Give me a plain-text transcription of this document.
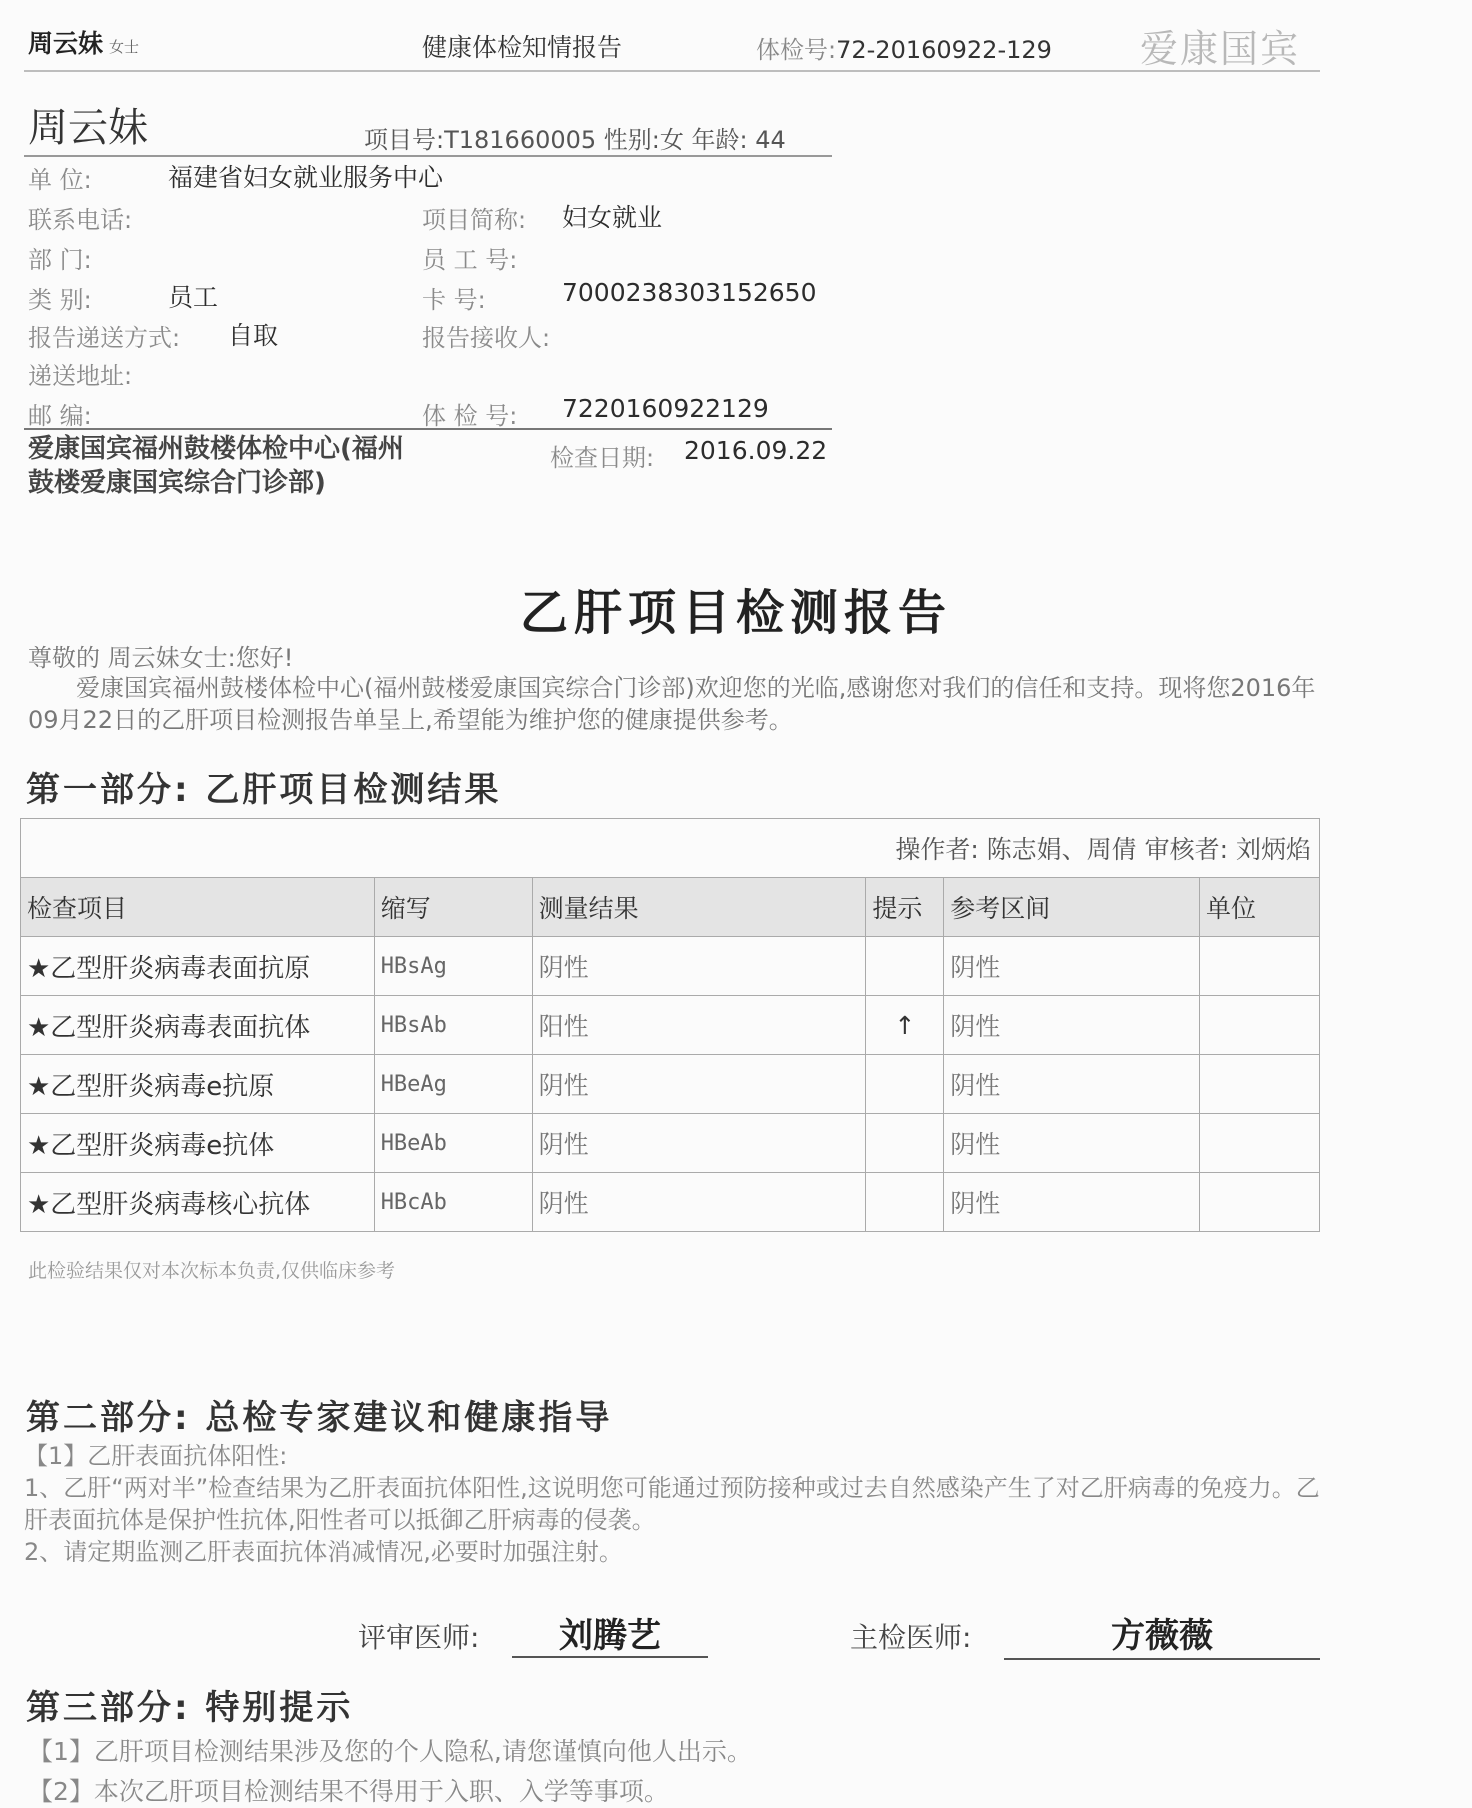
周云妹 女士	健康体检知情报告	体检号:72-20160922-129 爱康国宾
周云妹	项目号:T181660005 性别:女 年龄: 44
单 位:	福建省妇女就业服务中心
联系电话:	项目简称: 妇女就业
部 门:	员 工 号:
类 别:	员工	卡 号:	7000238303152650
报告递送方式: 自取	报告接收人:
递送地址:
邮 编:	体 检 号: 7220160922129
爱康国宾福州鼓楼体检中心(福州鼓楼爱康国宾综合门诊部)
检查日期: 2016.09.22
乙肝项目检测报告
尊敬的 周云妹女士:您好!
爱康国宾福州鼓楼体检中心(福州鼓楼爱康国宾综合门诊部)欢迎您的光临,感谢您对我们的信任和支持。现将您2016年09月22日的乙肝项目检测报告单呈上,希望能为维护您的健康提供参考。
第一部分: 乙肝项目检测结果
操作者: 陈志娟、周倩 审核者: 刘炳焰					
检查项目	缩写	测量结果	提示	参考区间	单位
★乙型肝炎病毒表面抗原	HBsAg	阴性		阴性	
★乙型肝炎病毒表面抗体	HBsAb	阳性	↑	阴性	
★乙型肝炎病毒e抗原	HBeAg	阴性		阴性	
★乙型肝炎病毒e抗体	HBeAb	阴性		阴性	
★乙型肝炎病毒核心抗体	HBcAb	阴性		阴性	
此检验结果仅对本次标本负责,仅供临床参考
第二部分: 总检专家建议和健康指导
【1】乙肝表面抗体阳性:
1、乙肝“两对半”检查结果为乙肝表面抗体阳性,这说明您可能通过预防接种或过去自然感染产生了对乙肝病毒的免疫力。乙肝表面抗体是保护性抗体,阳性者可以抵御乙肝病毒的侵袭。
2、请定期监测乙肝表面抗体消减情况,必要时加强注射。
评审医师:	刘腾艺	主检医师:	方薇薇
第三部分: 特别提示
【1】乙肝项目检测结果涉及您的个人隐私,请您谨慎向他人出示。
【2】本次乙肝项目检测结果不得用于入职、入学等事项。
